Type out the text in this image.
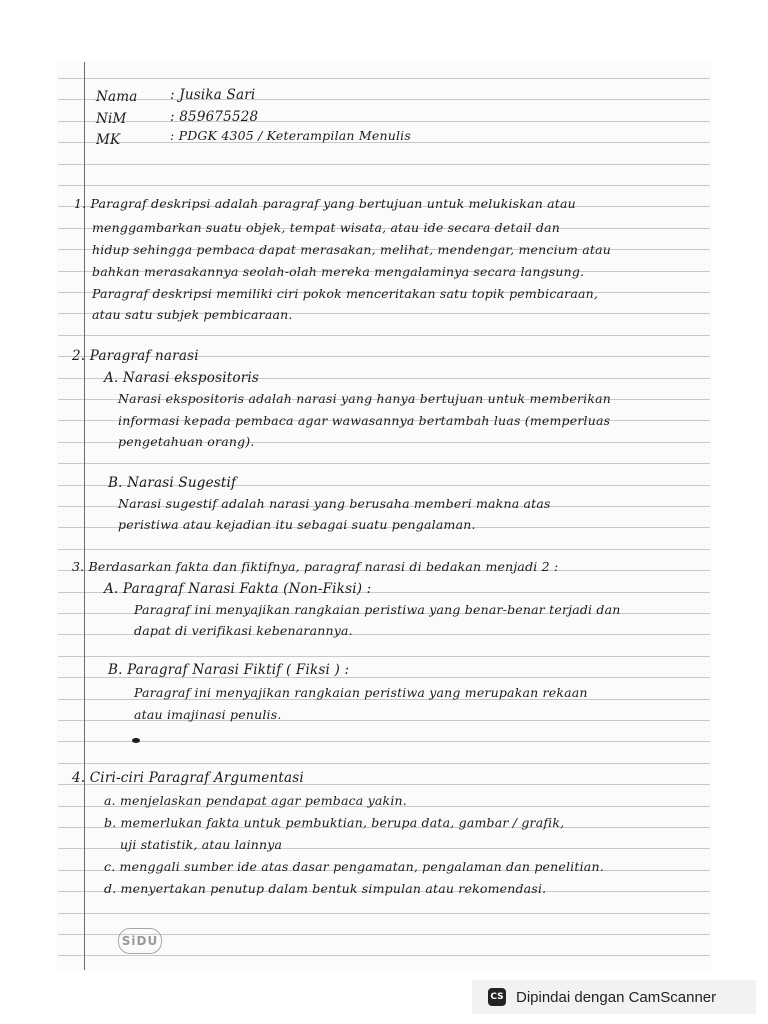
Nama : Jusika Sari
NiM	: 859675528
MK	: PDGK 4305 / Keterampilan Menulis
1. Paragraf deskripsi adalah paragraf yang bertujuan untuk melukiskan atau
menggambarkan suatu objek, tempat wisata, atau ide secara detail dan
hidup sehingga pembaca dapat merasakan, melihat, mendengar, mencium atau
bahkan merasakannya seolah-olah mereka mengalaminya secara langsung.
Paragraf deskripsi memiliki ciri pokok menceritakan satu topik pembicaraan,
atau satu subjek pembicaraan.
2. Paragraf narasi
A. Narasi ekspositoris
Narasi ekspositoris adalah narasi yang hanya bertujuan untuk memberikan
informasi kepada pembaca agar wawasannya bertambah luas (memperluas
pengetahuan orang).
B. Narasi Sugestif
Narasi sugestif adalah narasi yang berusaha memberi makna atas
peristiwa atau kejadian itu sebagai suatu pengalaman.
3. Berdasarkan fakta dan fiktifnya, paragraf narasi di bedakan menjadi 2 :
A. Paragraf Narasi Fakta (Non-Fiksi) :
Paragraf ini menyajikan rangkaian peristiwa yang benar-benar terjadi dan
dapat di verifikasi kebenarannya.
B. Paragraf Narasi Fiktif ( Fiksi ) :
Paragraf ini menyajikan rangkaian peristiwa yang merupakan rekaan
atau imajinasi penulis.
4. Ciri-ciri Paragraf Argumentasi
a. menjelaskan pendapat agar pembaca yakin.
b. memerlukan fakta untuk pembuktian, berupa data, gambar / grafik,
uji statistik, atau lainnya
c. menggali sumber ide atas dasar pengamatan, pengalaman dan penelitian.
d. menyertakan penutup dalam bentuk simpulan atau rekomendasi.
SiDU
CS Dipindai dengan CamScanner
